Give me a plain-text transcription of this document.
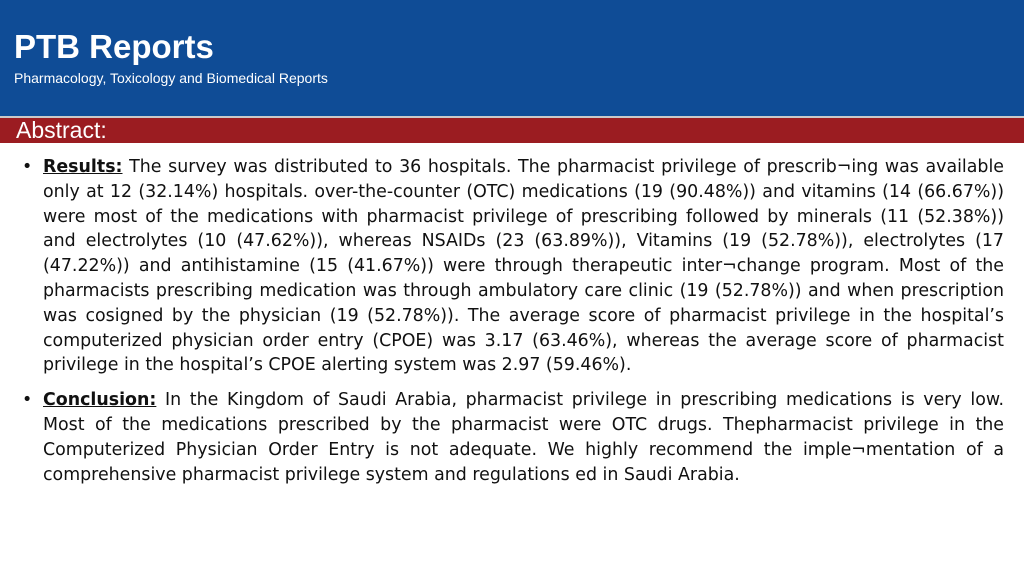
PTB Reports
Pharmacology, Toxicology and Biomedical Reports
Abstract:
• Results: The survey was distributed to 36 hospitals. The pharmacist privilege of prescrib¬ing was available only at 12 (32.14%) hospitals. over-the-counter (OTC) medications (19 (90.48%)) and vitamins (14 (66.67%)) were most of the medications with pharmacist privilege of prescribing followed by minerals (11 (52.38%)) and electrolytes (10 (47.62%)), whereas NSAIDs (23 (63.89%)), Vitamins (19 (52.78%)), electrolytes (17 (47.22%)) and antihistamine (15 (41.67%)) were through therapeutic inter¬change program. Most of the pharmacists prescribing medication was through ambulatory care clinic (19 (52.78%)) and when prescription was cosigned by the physician (19 (52.78%)). The average score of pharmacist privilege in the hospital’s computerized physician order entry (CPOE) was 3.17 (63.46%), whereas the average score of pharmacist privilege in the hospital’s CPOE alerting system was 2.97 (59.46%).
• Conclusion: In the Kingdom of Saudi Arabia, pharmacist privilege in prescribing medications is very low. Most of the medications prescribed by the pharmacist were OTC drugs. Thepharmacist privilege in the Computerized Physician Order Entry is not adequate. We highly recommend the imple¬mentation of a comprehensive pharmacist privilege system and regulations ed in Saudi Arabia.
